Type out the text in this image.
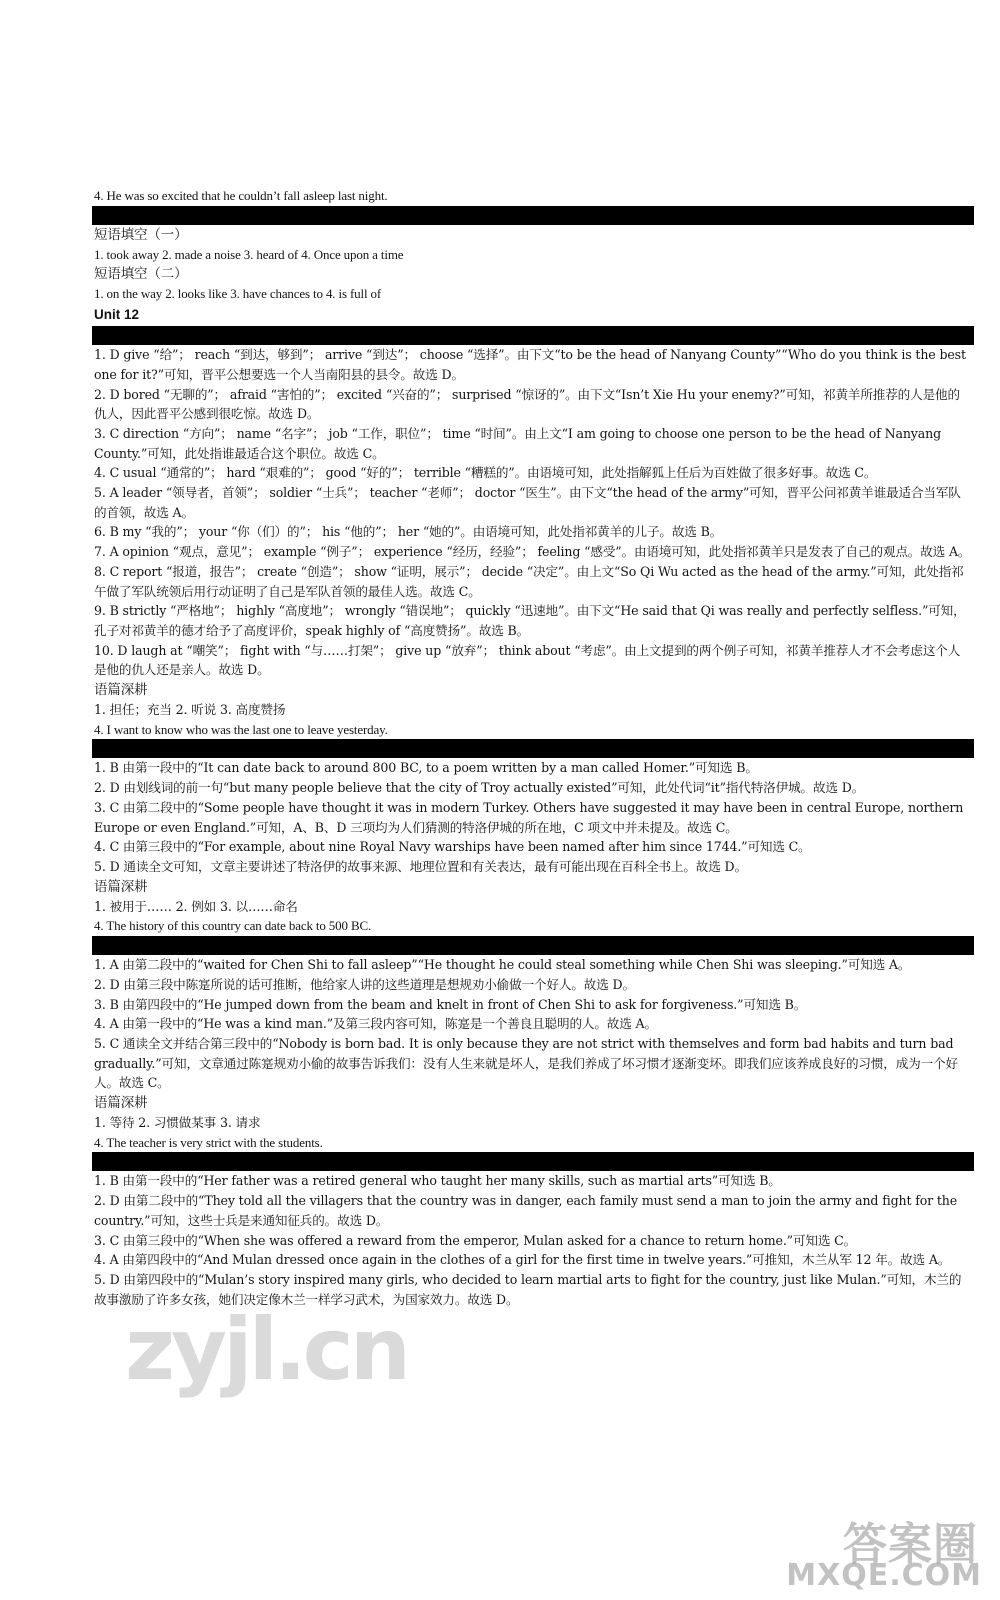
4. He was so excited that he couldn’t fall asleep last night.
短语填空（一）
1. took away 2. made a noise 3. heard of 4. Once upon a time
短语填空（二）
1. on the way 2. looks like 3. have chances to 4. is full of
Unit 12
1. D give “给”； reach “到达，够到”； arrive “到达”； choose “选择”。由下文“to be the head of Nanyang County”“Who do you think is the best one for it?”可知，晋平公想要选一个人当南阳县的县令。故选 D。
2. D bored “无聊的”； afraid “害怕的”； excited “兴奋的”； surprised “惊讶的”。由下文“Isn’t Xie Hu your enemy?”可知，祁黄羊所推荐的人是他的仇人，因此晋平公感到很吃惊。故选 D。
3. C direction “方向”； name “名字”； job “工作，职位”； time “时间”。由上文“I am going to choose one person to be the head of Nanyang County.”可知，此处指谁最适合这个职位。故选 C。
4. C usual “通常的”； hard “艰难的”； good “好的”； terrible “糟糕的”。由语境可知，此处指解狐上任后为百姓做了很多好事。故选 C。
5. A leader “领导者，首领”； soldier “士兵”； teacher “老师”； doctor “医生”。由下文“the head of the army”可知，晋平公问祁黄羊谁最适合当军队的首领，故选 A。
6. B my “我的”； your “你（们）的”； his “他的”； her “她的”。由语境可知，此处指祁黄羊的儿子。故选 B。
7. A opinion “观点，意见”； example “例子”； experience “经历，经验”； feeling “感受”。由语境可知，此处指祁黄羊只是发表了自己的观点。故选 A。
8. C report “报道，报告”； create “创造”； show “证明，展示”； decide “决定”。由上文“So Qi Wu acted as the head of the army.”可知，此处指祁午做了军队统领后用行动证明了自己是军队首领的最佳人选。故选 C。
9. B strictly “严格地”； highly “高度地”； wrongly “错误地”； quickly “迅速地”。由下文“He said that Qi was really and perfectly selfless.”可知，孔子对祁黄羊的德才给予了高度评价，speak highly of “高度赞扬”。故选 B。
10. D laugh at “嘲笑”； fight with “与……打架”； give up “放弃”； think about “考虑”。由上文提到的两个例子可知，祁黄羊推荐人才不会考虑这个人是他的仇人还是亲人。故选 D。
语篇深耕
1. 担任；充当 2. 听说 3. 高度赞扬
4. I want to know who was the last one to leave yesterday.
1. B 由第一段中的“It can date back to around 800 BC, to a poem written by a man called Homer.”可知选 B。
2. D 由划线词的前一句“but many people believe that the city of Troy actually existed”可知，此处代词“it”指代特洛伊城。故选 D。
3. C 由第二段中的“Some people have thought it was in modern Turkey. Others have suggested it may have been in central Europe, northern Europe or even England.”可知，A、B、D 三项均为人们猜测的特洛伊城的所在地，C 项文中并未提及。故选 C。
4. C 由第三段中的“For example, about nine Royal Navy warships have been named after him since 1744.”可知选 C。
5. D 通读全文可知，文章主要讲述了特洛伊的故事来源、地理位置和有关表达，最有可能出现在百科全书上。故选 D。
语篇深耕
1. 被用于…… 2. 例如 3. 以……命名
4. The history of this country can date back to 500 BC.
1. A 由第二段中的“waited for Chen Shi to fall asleep”“He thought he could steal something while Chen Shi was sleeping.”可知选 A。
2. D 由第三段中陈寔所说的话可推断，他给家人讲的这些道理是想规劝小偷做一个好人。故选 D。
3. B 由第四段中的“He jumped down from the beam and knelt in front of Chen Shi to ask for forgiveness.”可知选 B。
4. A 由第一段中的“He was a kind man.”及第三段内容可知，陈寔是一个善良且聪明的人。故选 A。
5. C 通读全文并结合第三段中的“Nobody is born bad. It is only because they are not strict with themselves and form bad habits and turn bad gradually.”可知，文章通过陈寔规劝小偷的故事告诉我们：没有人生来就是坏人，是我们养成了坏习惯才逐渐变坏。即我们应该养成良好的习惯，成为一个好人。故选 C。
语篇深耕
1. 等待 2. 习惯做某事 3. 请求
4. The teacher is very strict with the students.
1. B 由第一段中的“Her father was a retired general who taught her many skills, such as martial arts”可知选 B。
2. D 由第二段中的“They told all the villagers that the country was in danger, each family must send a man to join the army and fight for the country.”可知，这些士兵是来通知征兵的。故选 D。
3. C 由第三段中的“When she was offered a reward from the emperor, Mulan asked for a chance to return home.”可知选 C。
4. A 由第四段中的“And Mulan dressed once again in the clothes of a girl for the first time in twelve years.”可推知，木兰从军 12 年。故选 A。
5. D 由第四段中的“Mulan’s story inspired many girls, who decided to learn martial arts to fight for the country, just like Mulan.”可知，木兰的故事激励了许多女孩，她们决定像木兰一样学习武术，为国家效力。故选 D。
zyjl.cn
答案圈
MXQE.COM
